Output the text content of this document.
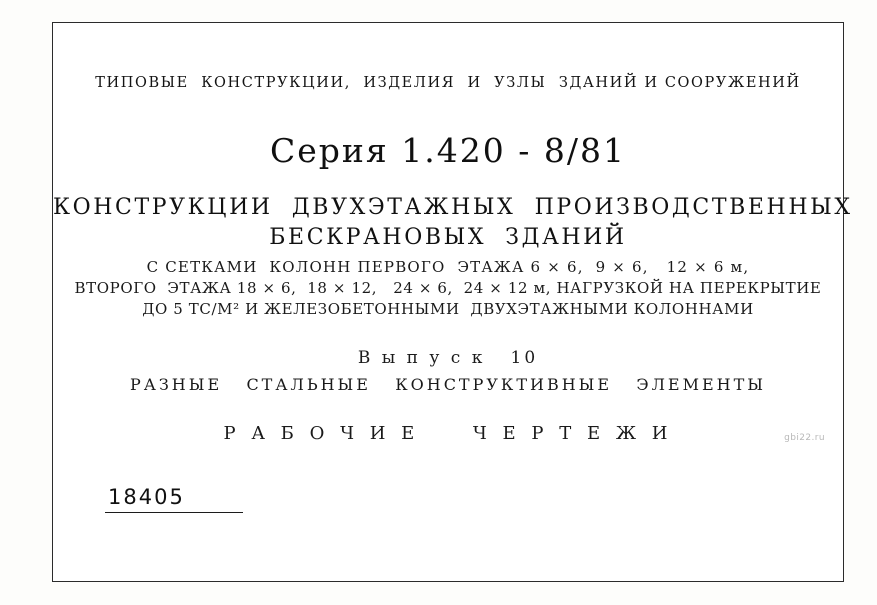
ТИПОВЫЕ  КОНСТРУКЦИИ,  ИЗДЕЛИЯ  И  УЗЛЫ  ЗДАНИЙ И СООРУЖЕНИЙ
Серия 1.420 - 8/81
КОНСТРУКЦИИ  ДВУХЭТАЖНЫХ  ПРОИЗВОДСТВЕННЫХ
БЕСКРАНОВЫХ  ЗДАНИЙ
С СЕТКАМИ  КОЛОНН ПЕРВОГО  ЭТАЖА 6 × 6,  9 × 6,   12 × 6 м,
ВТОРОГО  ЭТАЖА 18 × 6,  18 × 12,   24 × 6,  24 × 12 м, НАГРУЗКОЙ НА ПЕРЕКРЫТИЕ
ДО 5 ТС/М² И ЖЕЛЕЗОБЕТОННЫМИ  ДВУХЭТАЖНЫМИ КОЛОННАМИ
В ы п у с к   10
РАЗНЫЕ   СТАЛЬНЫЕ   КОНСТРУКТИВНЫЕ   ЭЛЕМЕНТЫ
Р А Б О Ч И Е     Ч Е Р Т Е Ж И
18405
gbi22.ru
